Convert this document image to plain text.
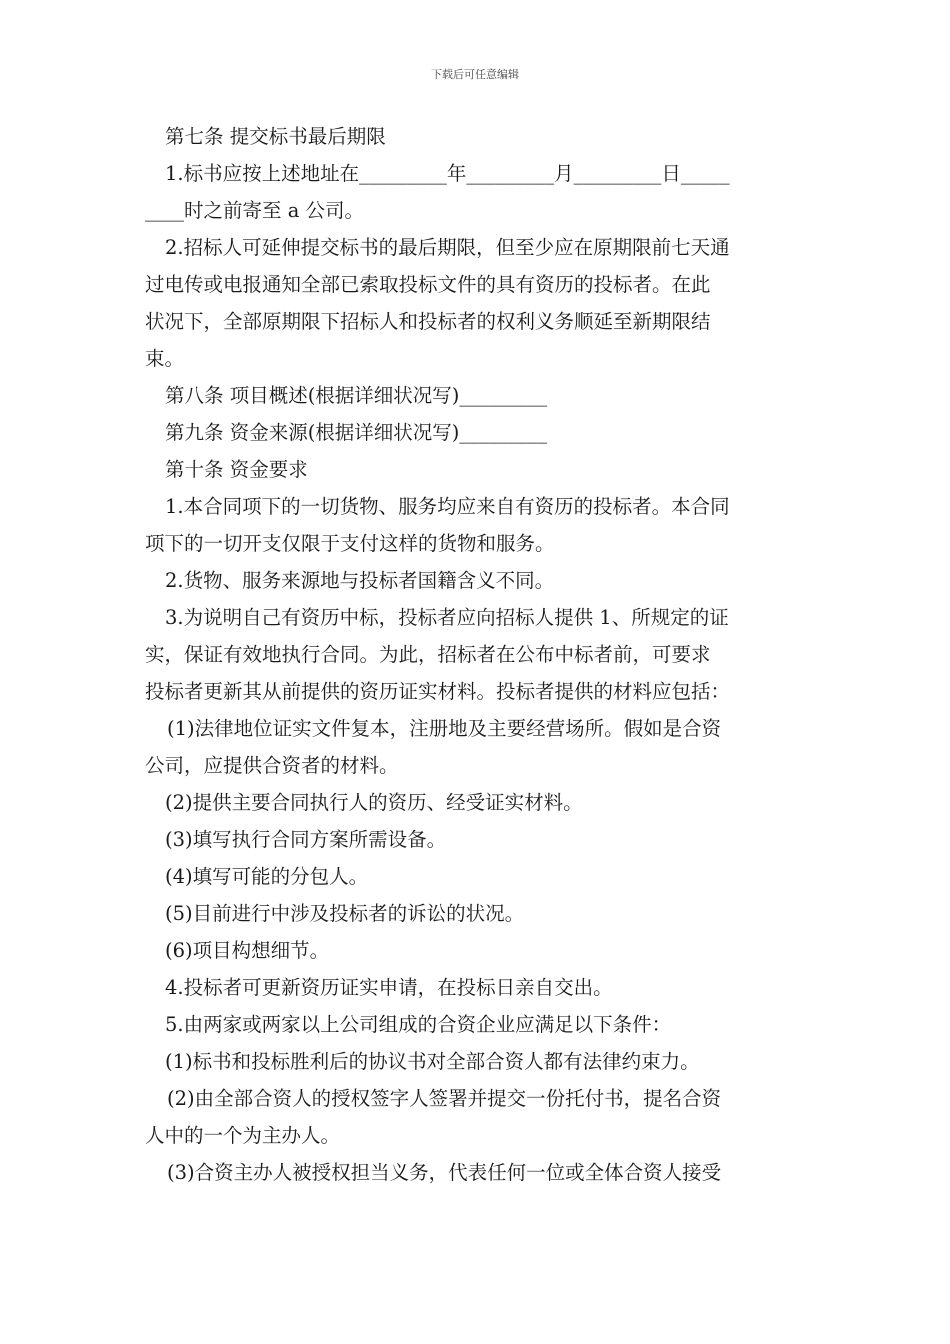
下载后可任意编辑

第七条 提交标书最后期限

1.标书应按上述地址在_________年_________月_________日_____

____时之前寄至 a 公司。

2.招标人可延伸提交标书的最后期限，但至少应在原期限前七天通

过电传或电报通知全部已索取投标文件的具有资历的投标者。在此

状况下，全部原期限下招标人和投标者的权利义务顺延至新期限结

束。

第八条 项目概述(根据详细状况写)_________

第九条 资金来源(根据详细状况写)_________

第十条 资金要求

1.本合同项下的一切货物、服务均应来自有资历的投标者。本合同

项下的一切开支仅限于支付这样的货物和服务。

2.货物、服务来源地与投标者国籍含义不同。

3.为说明自己有资历中标，投标者应向招标人提供 1、所规定的证

实，保证有效地执行合同。为此，招标者在公布中标者前，可要求

投标者更新其从前提供的资历证实材料。投标者提供的材料应包括：

(1)法律地位证实文件复本，注册地及主要经营场所。假如是合资

公司，应提供合资者的材料。

(2)提供主要合同执行人的资历、经受证实材料。

(3)填写执行合同方案所需设备。

(4)填写可能的分包人。

(5)目前进行中涉及投标者的诉讼的状况。

(6)项目构想细节。

4.投标者可更新资历证实申请，在投标日亲自交出。

5.由两家或两家以上公司组成的合资企业应满足以下条件：

(1)标书和投标胜利后的协议书对全部合资人都有法律约束力。

(2)由全部合资人的授权签字人签署并提交一份托付书，提名合资

人中的一个为主办人。

(3)合资主办人被授权担当义务，代表任何一位或全体合资人接受
